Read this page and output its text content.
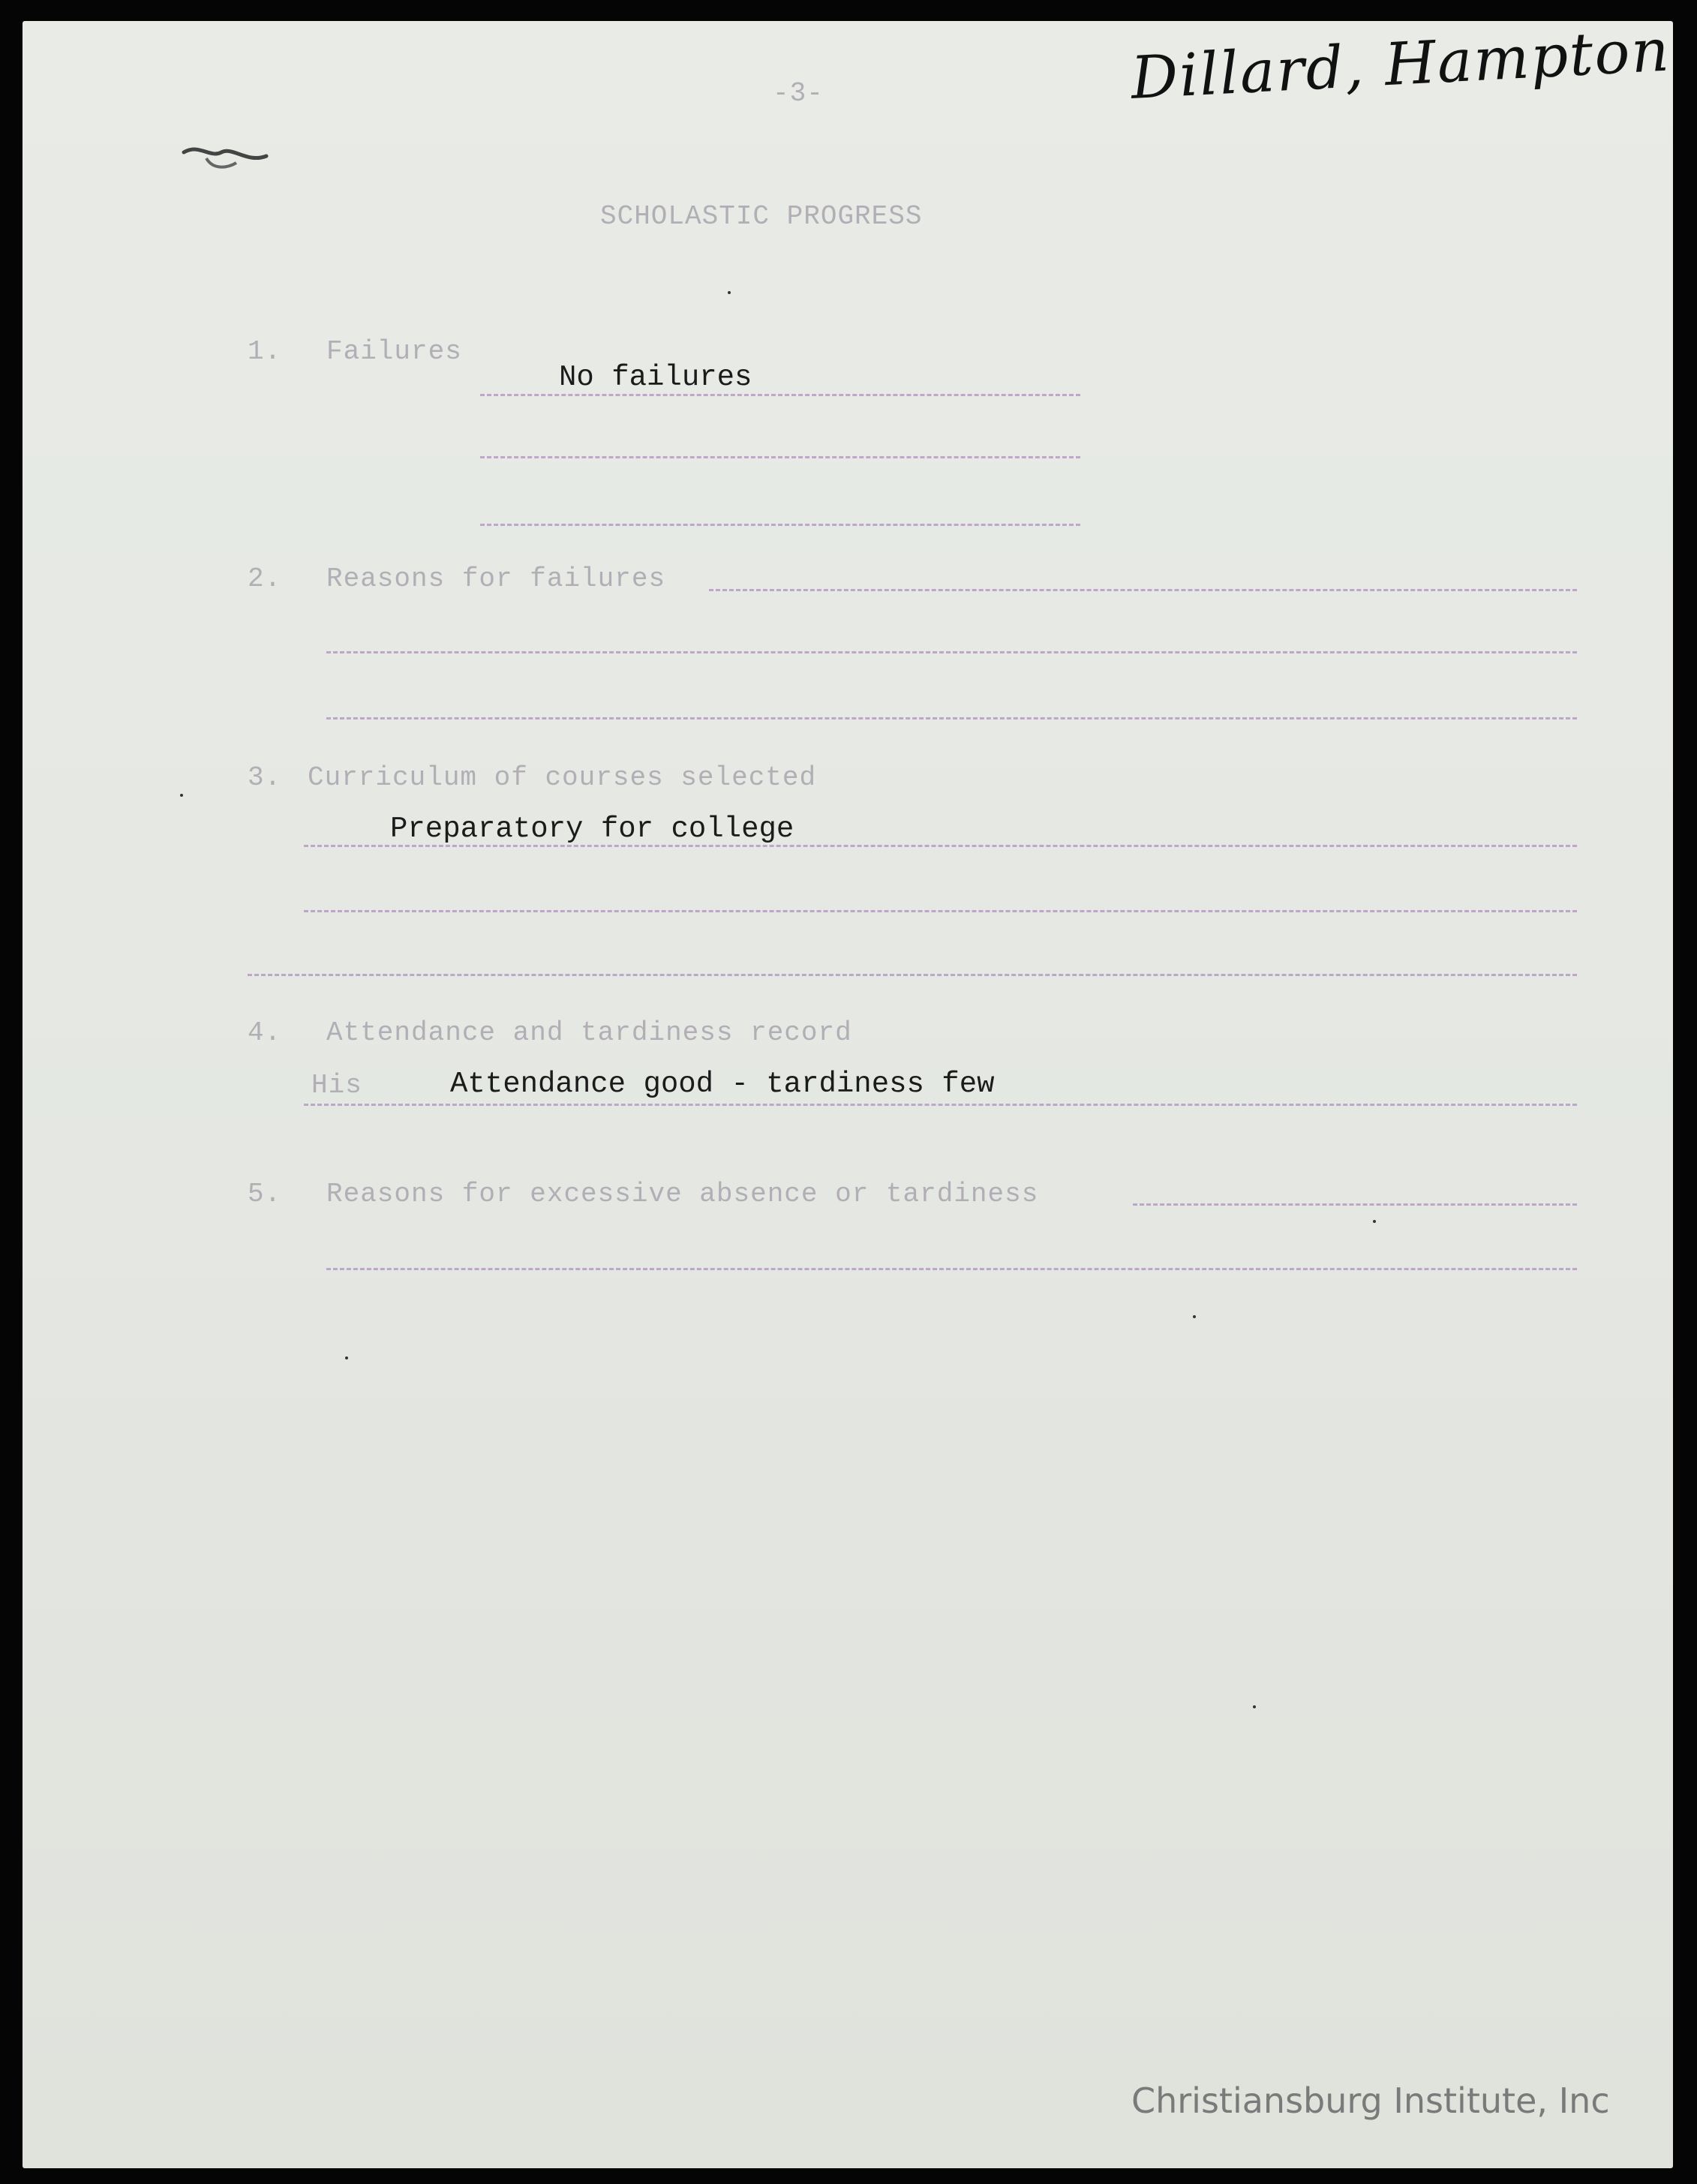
Dillard, Hampton
-3-
SCHOLASTIC PROGRESS
1. Failures
No failures
2. Reasons for failures
3. Curriculum of courses selected
Preparatory for college
4. Attendance and tardiness record
His	Attendance good - tardiness few
5. Reasons for excessive absence or tardiness
Christiansburg Institute, Inc
